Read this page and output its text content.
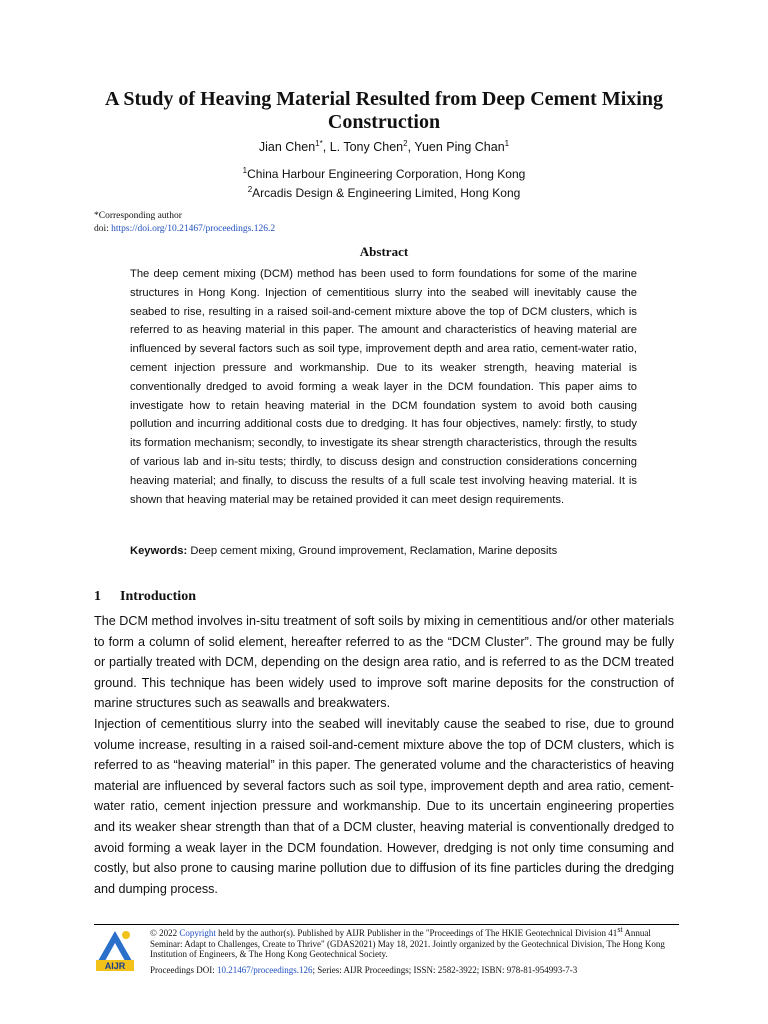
A Study of Heaving Material Resulted from Deep Cement Mixing Construction
Jian Chen$^{1*}$, L. Tony Chen$^2$, Yuen Ping Chan$^1$
$^1$China Harbour Engineering Corporation, Hong Kong
$^2$Arcadis Design & Engineering Limited, Hong Kong
*Corresponding author
doi: https://doi.org/10.21467/proceedings.126.2
Abstract
The deep cement mixing (DCM) method has been used to form foundations for some of the marine structures in Hong Kong. Injection of cementitious slurry into the seabed will inevitably cause the seabed to rise, resulting in a raised soil-and-cement mixture above the top of DCM clusters, which is referred to as heaving material in this paper. The amount and characteristics of heaving material are influenced by several factors such as soil type, improvement depth and area ratio, cement-water ratio, cement injection pressure and workmanship. Due to its weaker strength, heaving material is conventionally dredged to avoid forming a weak layer in the DCM foundation. This paper aims to investigate how to retain heaving material in the DCM foundation system to avoid both causing pollution and incurring additional costs due to dredging. It has four objectives, namely: firstly, to study its formation mechanism; secondly, to investigate its shear strength characteristics, through the results of various lab and in-situ tests; thirdly, to discuss design and construction considerations concerning heaving material; and finally, to discuss the results of a full scale test involving heaving material. It is shown that heaving material may be retained provided it can meet design requirements.
Keywords: Deep cement mixing, Ground improvement, Reclamation, Marine deposits
1 Introduction

The DCM method involves in-situ treatment of soft soils by mixing in cementitious and/or other materials to form a column of solid element, hereafter referred to as the “DCM Cluster”. The ground may be fully or partially treated with DCM, depending on the design area ratio, and is referred to as the DCM treated ground. This technique has been widely used to improve soft marine deposits for the construction of marine structures such as seawalls and breakwaters.

Injection of cementitious slurry into the seabed will inevitably cause the seabed to rise, due to ground volume increase, resulting in a raised soil-and-cement mixture above the top of DCM clusters, which is referred to as “heaving material” in this paper. The generated volume and the characteristics of heaving material are influenced by several factors such as soil type, improvement depth and area ratio, cement-water ratio, cement injection pressure and workmanship. Due to its uncertain engineering properties and its weaker shear strength than that of a DCM cluster, heaving material is conventionally dredged to avoid forming a weak layer in the DCM foundation. However, dredging is not only time consuming and costly, but also prone to causing marine pollution due to diffusion of its fine particles during the dredging and dumping process.

AIJR
© 2022 Copyright held by the author(s). Published by AIJR Publisher in the "Proceedings of The HKIE Geotechnical Division 41st Annual Seminar: Adapt to Challenges, Create to Thrive" (GDAS2021) May 18, 2021. Jointly organized by the Geotechnical Division, The Hong Kong Institution of Engineers, & The Hong Kong Geotechnical Society.
Proceedings DOI: 10.21467/proceedings.126; Series: AIJR Proceedings; ISSN: 2582-3922; ISBN: 978-81-954993-7-3
